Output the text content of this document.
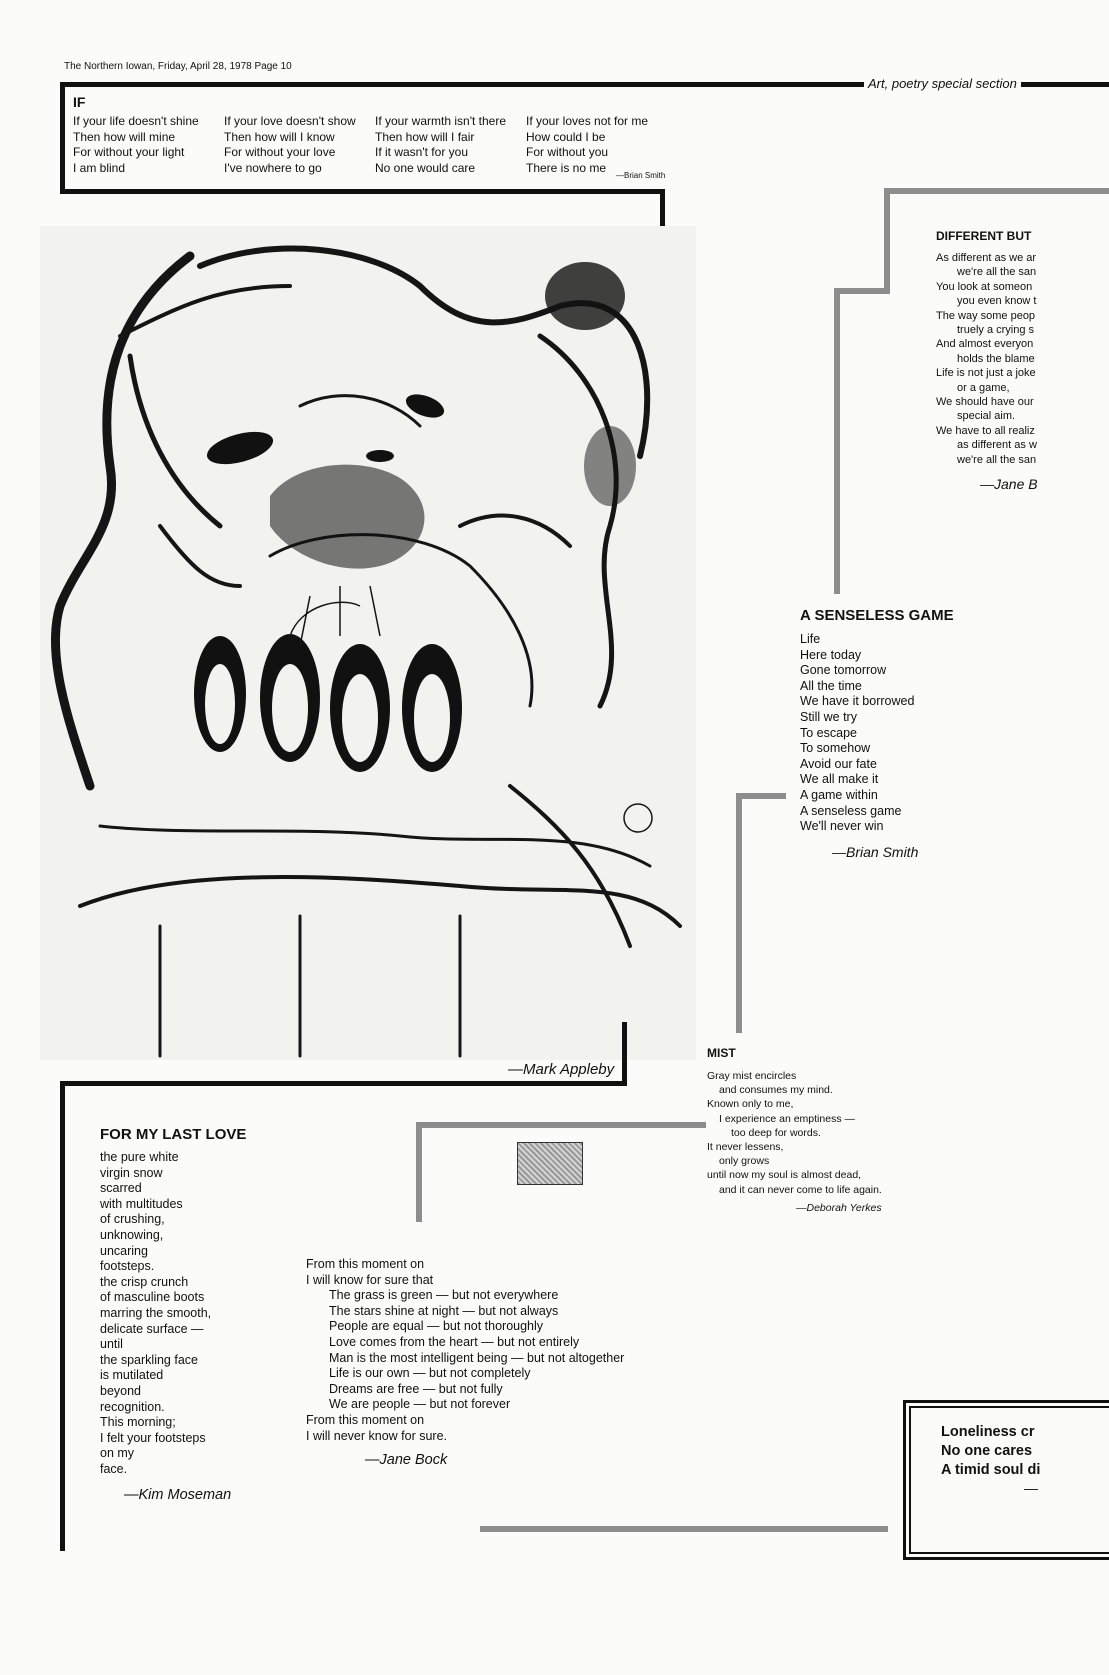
The Northern Iowan, Friday, April 28, 1978 Page 10
Art, poetry special section
IF
If your life doesn't shine
Then how will mine
For without your light
I am blind
If your love doesn't show
Then how will I know
For without your love
I've nowhere to go
If your warmth isn't there
Then how will I fair
If it wasn't for you
No one would care
If your loves not for me
How could I be
For without you
There is no me
—Brian Smith
—Mark Appleby
DIFFERENT BUT
As different as we ar
we're all the san
You look at someon
you even know t
The way some peop
truely a crying s
And almost everyon
holds the blame
Life is not just a joke
or a game,
We should have our
special aim.
We have to all realiz
as different as w
we're all the san
—Jane B
A SENSELESS GAME
Life
Here today
Gone tomorrow
All the time
We have it borrowed
Still we try
To escape
To somehow
Avoid our fate
We all make it
A game within
A senseless game
We'll never win
—Brian Smith
MIST
Gray mist encircles
and consumes my mind.
Known only to me,
I experience an emptiness —
too deep for words.
It never lessens,
only grows
until now my soul is almost dead,
and it can never come to life again.
—Deborah Yerkes
FOR MY LAST LOVE
the pure white
virgin snow
scarred
with multitudes
of crushing,
unknowing,
uncaring
footsteps.
the crisp crunch
of masculine boots
marring the smooth,
delicate surface —
until
the sparkling face
is mutilated
beyond
recognition.
This morning;
I felt your footsteps
on my
face.
—Kim Moseman
From this moment on
I will know for sure that
The grass is green — but not everywhere
The stars shine at night — but not always
People are equal — but not thoroughly
Love comes from the heart — but not entirely
Man is the most intelligent being — but not altogether
Life is our own — but not completely
Dreams are free — but not fully
We are people — but not forever
From this moment on
I will never know for sure.
—Jane Bock
Loneliness cr
No one cares
A timid soul di
—
